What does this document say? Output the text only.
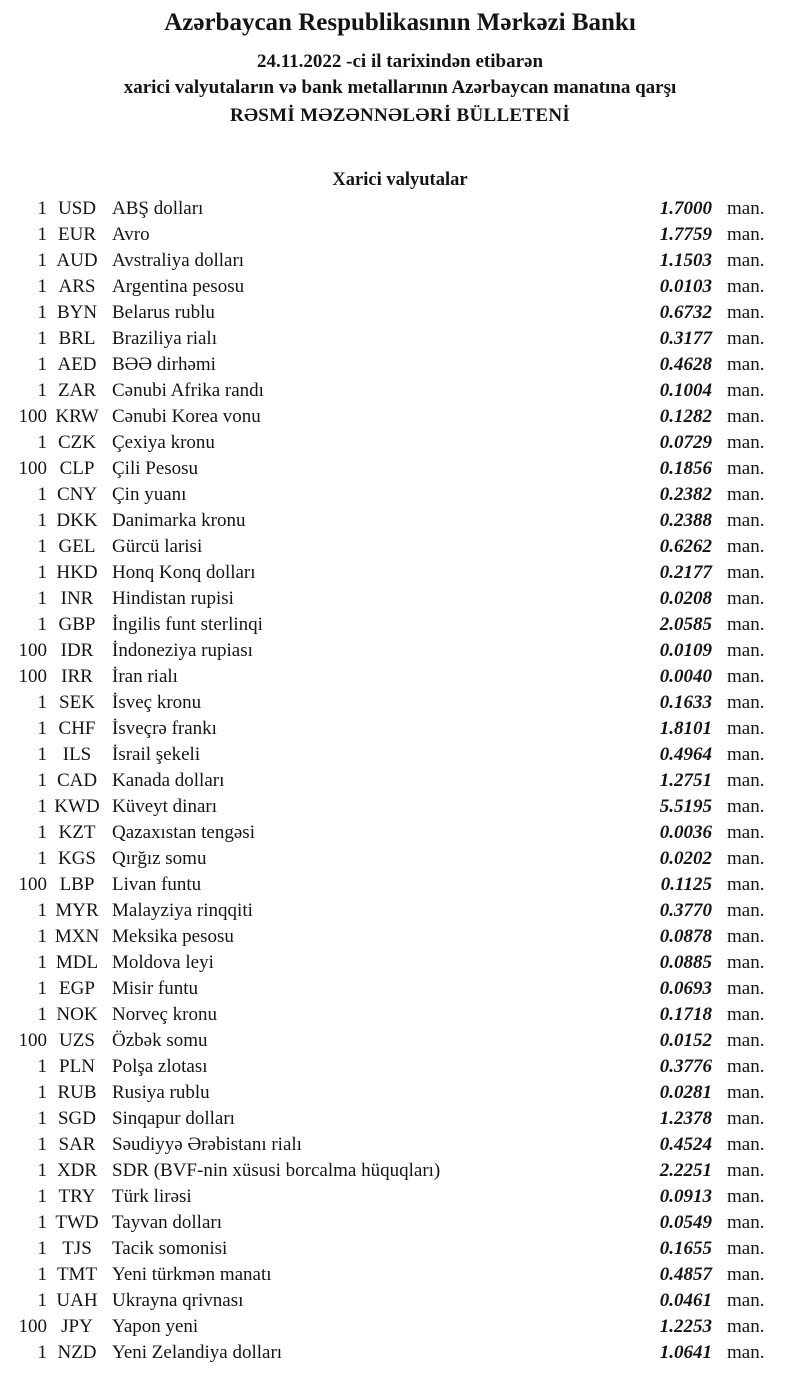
Azərbaycan Respublikasının Mərkəzi Bankı
24.11.2022 -ci il tarixindən etibarən
xarici valyutaların və bank metallarının Azərbaycan manatına qarşı
RƏSMİ MƏZƏNNƏLƏRİ BÜLLETENİ
Xarici valyutalar
1 USD ABŞ dolları	1.7000 man.
1 EUR Avro	1.7759 man.
1 AUD Avstraliya dolları	1.1503 man.
1 ARS Argentina pesosu	0.0103 man.
1 BYN Belarus rublu	0.6732 man.
1 BRL Braziliya rialı	0.3177 man.
1 AED BƏƏ dirhəmi	0.4628 man.
1 ZAR Cənubi Afrika randı	0.1004 man.
100 KRW Cənubi Korea vonu	0.1282 man.
1 CZK Çexiya kronu	0.0729 man.
100 CLP Çili Pesosu	0.1856 man.
1 CNY Çin yuanı	0.2382 man.
1 DKK Danimarka kronu	0.2388 man.
1 GEL Gürcü larisi	0.6262 man.
1 HKD Honq Konq dolları	0.2177 man.
1 INR Hindistan rupisi	0.0208 man.
1 GBP İngilis funt sterlinqi	2.0585 man.
100 IDR İndoneziya rupiası	0.0109 man.
100 IRR	İran rialı	0.0040 man.
1 SEK İsveç kronu	0.1633 man.
1 CHF İsveçrə frankı	1.8101 man.
1 ILS	İsrail şekeli	0.4964 man.
1 CAD Kanada dolları	1.2751 man.
1 KWD Küveyt dinarı	5.5195 man.
1 KZT Qazaxıstan tengəsi	0.0036 man.
1 KGS Qırğız somu	0.0202 man.
100 LBP Livan funtu	0.1125 man.
1 MYR Malayziya rinqqiti	0.3770 man.
1 MXN Meksika pesosu	0.0878 man.
1 MDL Moldova leyi	0.0885 man.
1 EGP Misir funtu	0.0693 man.
1 NOK Norveç kronu	0.1718 man.
100 UZS Özbək somu	0.0152 man.
1 PLN Polşa zlotası	0.3776 man.
1 RUB Rusiya rublu	0.0281 man.
1 SGD Sinqapur dolları	1.2378 man.
1 SAR Səudiyyə Ərəbistanı rialı	0.4524 man.
1 XDR SDR (BVF-nin xüsusi borcalma hüquqları)	2.2251 man.
1 TRY Türk lirəsi	0.0913 man.
1 TWD Tayvan dolları	0.0549 man.
1 TJS	Tacik somonisi	0.1655 man.
1 TMT Yeni türkmən manatı	0.4857 man.
1 UAH Ukrayna qrivnası	0.0461 man.
100 JPY	Yapon yeni	1.2253 man.
1 NZD Yeni Zelandiya dolları	1.0641 man.
